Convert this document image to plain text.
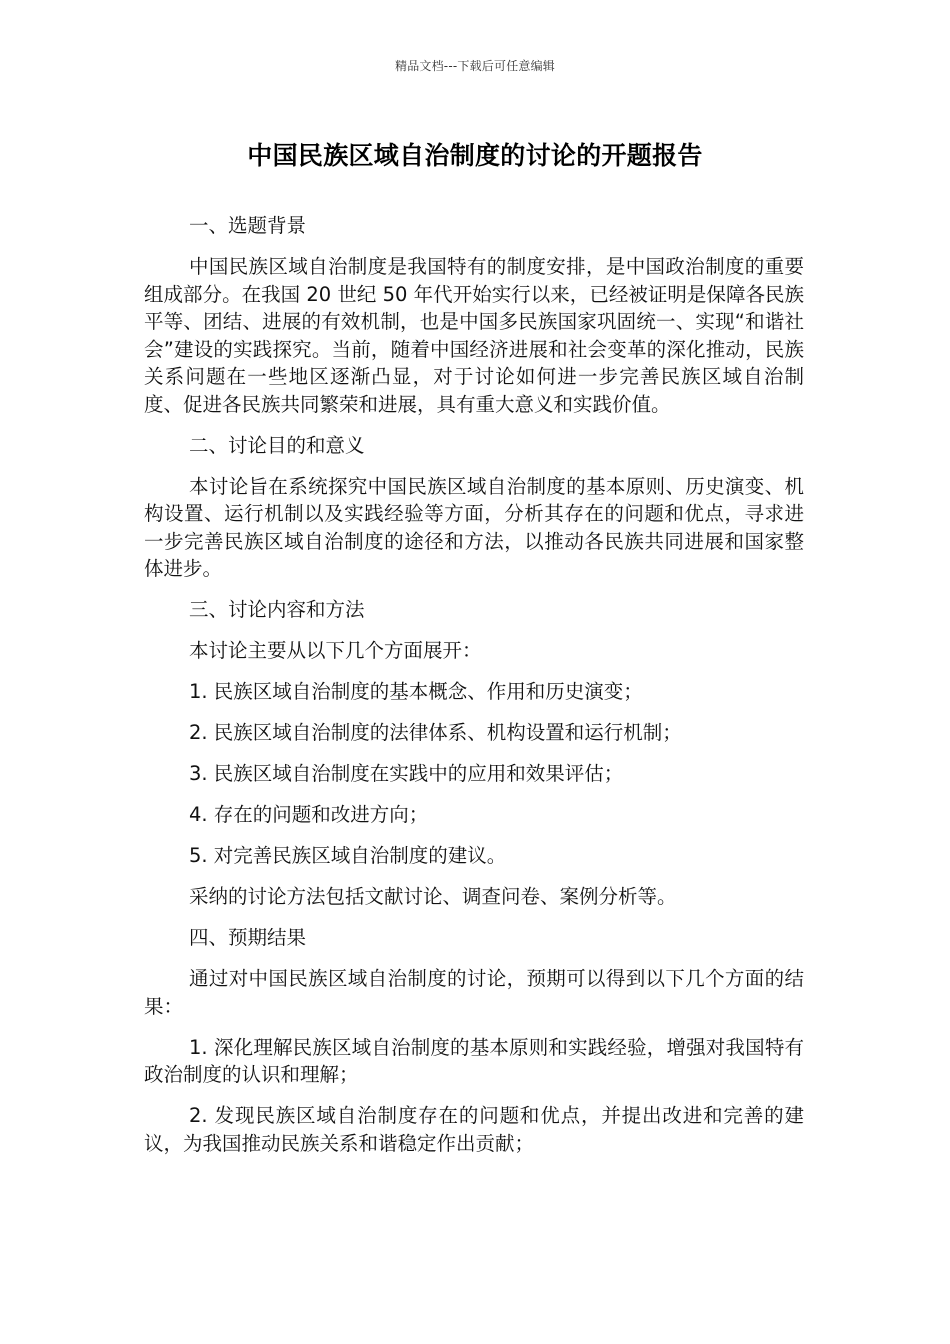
精品文档---下载后可任意编辑
中国民族区域自治制度的讨论的开题报告
一、选题背景
中国民族区域自治制度是我国特有的制度安排，是中国政治制度的重要组成部分。在我国 20 世纪 50 年代开始实行以来，已经被证明是保障各民族平等、团结、进展的有效机制，也是中国多民族国家巩固统一、实现“和谐社会”建设的实践探究。当前，随着中国经济进展和社会变革的深化推动，民族关系问题在一些地区逐渐凸显，对于讨论如何进一步完善民族区域自治制度、促进各民族共同繁荣和进展，具有重大意义和实践价值。
二、讨论目的和意义
本讨论旨在系统探究中国民族区域自治制度的基本原则、历史演变、机构设置、运行机制以及实践经验等方面，分析其存在的问题和优点，寻求进一步完善民族区域自治制度的途径和方法，以推动各民族共同进展和国家整体进步。
三、讨论内容和方法
本讨论主要从以下几个方面展开：
1. 民族区域自治制度的基本概念、作用和历史演变；
2. 民族区域自治制度的法律体系、机构设置和运行机制；
3. 民族区域自治制度在实践中的应用和效果评估；
4. 存在的问题和改进方向；
5. 对完善民族区域自治制度的建议。
采纳的讨论方法包括文献讨论、调查问卷、案例分析等。
四、预期结果
通过对中国民族区域自治制度的讨论，预期可以得到以下几个方面的结果：
1. 深化理解民族区域自治制度的基本原则和实践经验，增强对我国特有政治制度的认识和理解；
2. 发现民族区域自治制度存在的问题和优点，并提出改进和完善的建议，为我国推动民族关系和谐稳定作出贡献；
